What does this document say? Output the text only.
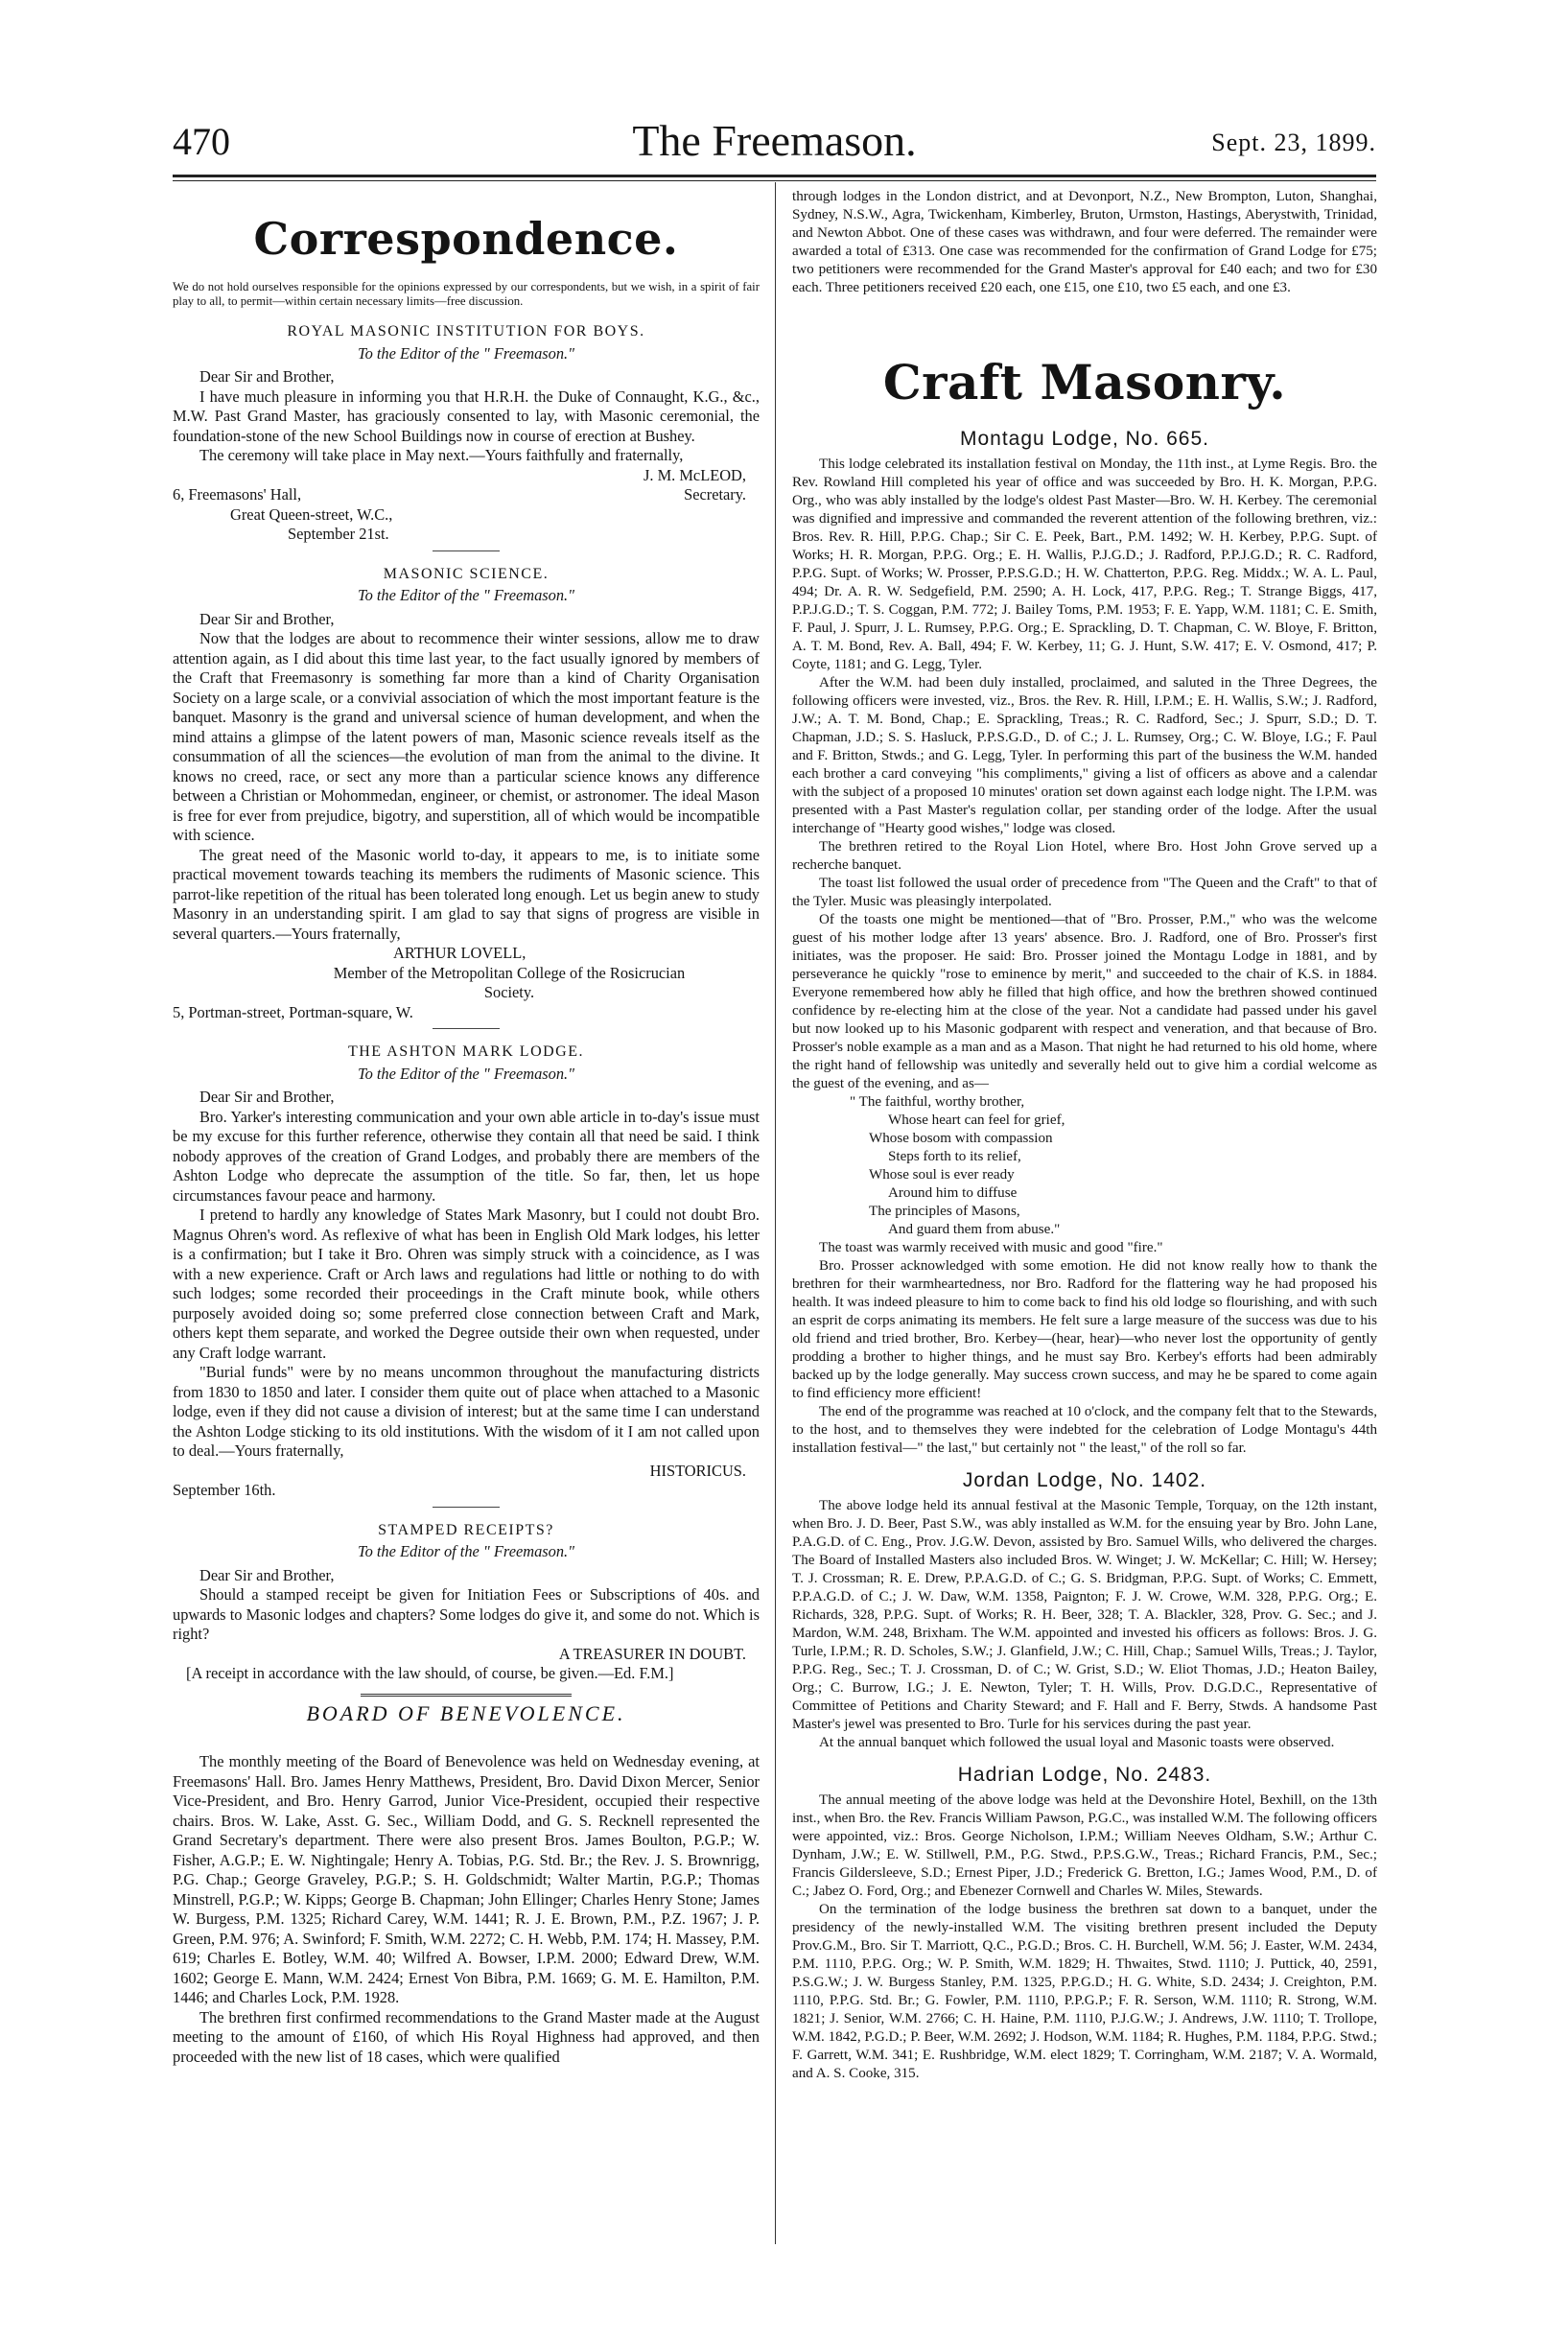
470	The Freemason.	Sept. 23, 1899.
Correspondence.

We do not hold ourselves responsible for the opinions expressed by our correspondents, but we wish, in a spirit of fair play to all, to permit—within certain necessary limits—free discussion.

ROYAL MASONIC INSTITUTION FOR BOYS.
To the Editor of the " Freemason."

Dear Sir and Brother,

I have much pleasure in informing you that H.R.H. the Duke of Connaught, K.G., &c., M.W. Past Grand Master, has graciously consented to lay, with Masonic ceremonial, the foundation-stone of the new School Buildings now in course of erection at Bushey.

The ceremony will take place in May next.—Yours faithfully and fraternally,

J. M. McLEOD,

6, Freemasons' Hall,	Secretary.

Great Queen-street, W.C.,

September 21st.

MASONIC SCIENCE.
To the Editor of the " Freemason."

Dear Sir and Brother,

Now that the lodges are about to recommence their winter sessions, allow me to draw attention again, as I did about this time last year, to the fact usually ignored by members of the Craft that Freemasonry is something far more than a kind of Charity Organisation Society on a large scale, or a convivial association of which the most important feature is the banquet. Masonry is the grand and universal science of human development, and when the mind attains a glimpse of the latent powers of man, Masonic science reveals itself as the consummation of all the sciences—the evolution of man from the animal to the divine. It knows no creed, race, or sect any more than a particular science knows any difference between a Christian or Mohommedan, engineer, or chemist, or astronomer. The ideal Mason is free for ever from prejudice, bigotry, and superstition, all of which would be incompatible with science.

The great need of the Masonic world to-day, it appears to me, is to initiate some practical movement towards teaching its members the rudiments of Masonic science. This parrot-like repetition of the ritual has been tolerated long enough. Let us begin anew to study Masonry in an understanding spirit. I am glad to say that signs of progress are visible in several quarters.—Yours fraternally,

ARTHUR LOVELL,

Member of the Metropolitan College of the Rosicrucian Society.

5, Portman-street, Portman-square, W.

THE ASHTON MARK LODGE.
To the Editor of the " Freemason."

Dear Sir and Brother,

Bro. Yarker's interesting communication and your own able article in to-day's issue must be my excuse for this further reference, otherwise they contain all that need be said. I think nobody approves of the creation of Grand Lodges, and probably there are members of the Ashton Lodge who deprecate the assumption of the title. So far, then, let us hope circumstances favour peace and harmony.

I pretend to hardly any knowledge of States Mark Masonry, but I could not doubt Bro. Magnus Ohren's word. As reflexive of what has been in English Old Mark lodges, his letter is a confirmation; but I take it Bro. Ohren was simply struck with a coincidence, as I was with a new experience. Craft or Arch laws and regulations had little or nothing to do with such lodges; some recorded their proceedings in the Craft minute book, while others purposely avoided doing so; some preferred close connection between Craft and Mark, others kept them separate, and worked the Degree outside their own when requested, under any Craft lodge warrant.

"Burial funds" were by no means uncommon throughout the manufacturing districts from 1830 to 1850 and later. I consider them quite out of place when attached to a Masonic lodge, even if they did not cause a division of interest; but at the same time I can understand the Ashton Lodge sticking to its old institutions. With the wisdom of it I am not called upon to deal.—Yours fraternally,

HISTORICUS.

September 16th.

STAMPED RECEIPTS?
To the Editor of the " Freemason."

Dear Sir and Brother,

Should a stamped receipt be given for Initiation Fees or Subscriptions of 40s. and upwards to Masonic lodges and chapters? Some lodges do give it, and some do not. Which is right?

A TREASURER IN DOUBT.

[A receipt in accordance with the law should, of course, be given.—Ed. F.M.]

BOARD OF BENEVOLENCE.

The monthly meeting of the Board of Benevolence was held on Wednesday evening, at Freemasons' Hall. Bro. James Henry Matthews, President, Bro. David Dixon Mercer, Senior Vice-President, and Bro. Henry Garrod, Junior Vice-President, occupied their respective chairs. Bros. W. Lake, Asst. G. Sec., William Dodd, and G. S. Recknell represented the Grand Secretary's department. There were also present Bros. James Boulton, P.G.P.; W. Fisher, A.G.P.; E. W. Nightingale; Henry A. Tobias, P.G. Std. Br.; the Rev. J. S. Brownrigg, P.G. Chap.; George Graveley, P.G.P.; S. H. Goldschmidt; Walter Martin, P.G.P.; Thomas Minstrell, P.G.P.; W. Kipps; George B. Chapman; John Ellinger; Charles Henry Stone; James W. Burgess, P.M. 1325; Richard Carey, W.M. 1441; R. J. E. Brown, P.M., P.Z. 1967; J. P. Green, P.M. 976; A. Swinford; F. Smith, W.M. 2272; C. H. Webb, P.M. 174; H. Massey, P.M. 619; Charles E. Botley, W.M. 40; Wilfred A. Bowser, I.P.M. 2000; Edward Drew, W.M. 1602; George E. Mann, W.M. 2424; Ernest Von Bibra, P.M. 1669; G. M. E. Hamilton, P.M. 1446; and Charles Lock, P.M. 1928.

The brethren first confirmed recommendations to the Grand Master made at the August meeting to the amount of £160, of which His Royal Highness had approved, and then proceeded with the new list of 18 cases, which were qualified

through lodges in the London district, and at Devonport, N.Z., New Brompton, Luton, Shanghai, Sydney, N.S.W., Agra, Twickenham, Kimberley, Bruton, Urmston, Hastings, Aberystwith, Trinidad, and Newton Abbot. One of these cases was withdrawn, and four were deferred. The remainder were awarded a total of £313. One case was recommended for the confirmation of Grand Lodge for £75; two petitioners were recommended for the Grand Master's approval for £40 each; and two for £30 each. Three petitioners received £20 each, one £15, one £10, two £5 each, and one £3.

Craft Masonry.
Montagu Lodge, No. 665.

This lodge celebrated its installation festival on Monday, the 11th inst., at Lyme Regis. Bro. the Rev. Rowland Hill completed his year of office and was succeeded by Bro. H. K. Morgan, P.P.G. Org., who was ably installed by the lodge's oldest Past Master—Bro. W. H. Kerbey. The ceremonial was dignified and impressive and commanded the reverent attention of the following brethren, viz.: Bros. Rev. R. Hill, P.P.G. Chap.; Sir C. E. Peek, Bart., P.M. 1492; W. H. Kerbey, P.P.G. Supt. of Works; H. R. Morgan, P.P.G. Org.; E. H. Wallis, P.J.G.D.; J. Radford, P.P.J.G.D.; R. C. Radford, P.P.G. Supt. of Works; W. Prosser, P.P.S.G.D.; H. W. Chatterton, P.P.G. Reg. Middx.; W. A. L. Paul, 494; Dr. A. R. W. Sedgefield, P.M. 2590; A. H. Lock, 417, P.P.G. Reg.; T. Strange Biggs, 417, P.P.J.G.D.; T. S. Coggan, P.M. 772; J. Bailey Toms, P.M. 1953; F. E. Yapp, W.M. 1181; C. E. Smith, F. Paul, J. Spurr, J. L. Rumsey, P.P.G. Org.; E. Sprackling, D. T. Chapman, C. W. Bloye, F. Britton, A. T. M. Bond, Rev. A. Ball, 494; F. W. Kerbey, 11; G. J. Hunt, S.W. 417; E. V. Osmond, 417; P. Coyte, 1181; and G. Legg, Tyler.

After the W.M. had been duly installed, proclaimed, and saluted in the Three Degrees, the following officers were invested, viz., Bros. the Rev. R. Hill, I.P.M.; E. H. Wallis, S.W.; J. Radford, J.W.; A. T. M. Bond, Chap.; E. Sprackling, Treas.; R. C. Radford, Sec.; J. Spurr, S.D.; D. T. Chapman, J.D.; S. S. Hasluck, P.P.S.G.D., D. of C.; J. L. Rumsey, Org.; C. W. Bloye, I.G.; F. Paul and F. Britton, Stwds.; and G. Legg, Tyler. In performing this part of the business the W.M. handed each brother a card conveying "his compliments," giving a list of officers as above and a calendar with the subject of a proposed 10 minutes' oration set down against each lodge night. The I.P.M. was presented with a Past Master's regulation collar, per standing order of the lodge. After the usual interchange of "Hearty good wishes," lodge was closed.

The brethren retired to the Royal Lion Hotel, where Bro. Host John Grove served up a recherche banquet.

The toast list followed the usual order of precedence from "The Queen and the Craft" to that of the Tyler. Music was pleasingly interpolated.

Of the toasts one might be mentioned—that of "Bro. Prosser, P.M.," who was the welcome guest of his mother lodge after 13 years' absence. Bro. J. Radford, one of Bro. Prosser's first initiates, was the proposer. He said: Bro. Prosser joined the Montagu Lodge in 1881, and by perseverance he quickly "rose to eminence by merit," and succeeded to the chair of K.S. in 1884. Everyone remembered how ably he filled that high office, and how the brethren showed continued confidence by re-electing him at the close of the year. Not a candidate had passed under his gavel but now looked up to his Masonic godparent with respect and veneration, and that because of Bro. Prosser's noble example as a man and as a Mason. That night he had returned to his old home, where the right hand of fellowship was unitedly and severally held out to give him a cordial welcome as the guest of the evening, and as—

" The faithful, worthy brother,
Whose heart can feel for grief,
Whose bosom with compassion
Steps forth to its relief,
Whose soul is ever ready
Around him to diffuse
The principles of Masons,
And guard them from abuse."

The toast was warmly received with music and good "fire."

Bro. Prosser acknowledged with some emotion. He did not know really how to thank the brethren for their warmheartedness, nor Bro. Radford for the flattering way he had proposed his health. It was indeed pleasure to him to come back to find his old lodge so flourishing, and with such an esprit de corps animating its members. He felt sure a large measure of the success was due to his old friend and tried brother, Bro. Kerbey—(hear, hear)—who never lost the opportunity of gently prodding a brother to higher things, and he must say Bro. Kerbey's efforts had been admirably backed up by the lodge generally. May success crown success, and may he be spared to come again to find efficiency more efficient!

The end of the programme was reached at 10 o'clock, and the company felt that to the Stewards, to the host, and to themselves they were indebted for the celebration of Lodge Montagu's 44th installation festival—" the last," but certainly not " the least," of the roll so far.

Jordan Lodge, No. 1402.

The above lodge held its annual festival at the Masonic Temple, Torquay, on the 12th instant, when Bro. J. D. Beer, Past S.W., was ably installed as W.M. for the ensuing year by Bro. John Lane, P.A.G.D. of C. Eng., Prov. J.G.W. Devon, assisted by Bro. Samuel Wills, who delivered the charges. The Board of Installed Masters also included Bros. W. Winget; J. W. McKellar; C. Hill; W. Hersey; T. J. Crossman; R. E. Drew, P.P.A.G.D. of C.; G. S. Bridgman, P.P.G. Supt. of Works; C. Emmett, P.P.A.G.D. of C.; J. W. Daw, W.M. 1358, Paignton; F. J. W. Crowe, W.M. 328, P.P.G. Org.; E. Richards, 328, P.P.G. Supt. of Works; R. H. Beer, 328; T. A. Blackler, 328, Prov. G. Sec.; and J. Mardon, W.M. 248, Brixham. The W.M. appointed and invested his officers as follows: Bros. J. G. Turle, I.P.M.; R. D. Scholes, S.W.; J. Glanfield, J.W.; C. Hill, Chap.; Samuel Wills, Treas.; J. Taylor, P.P.G. Reg., Sec.; T. J. Crossman, D. of C.; W. Grist, S.D.; W. Eliot Thomas, J.D.; Heaton Bailey, Org.; C. Burrow, I.G.; J. E. Newton, Tyler; T. H. Wills, Prov. D.G.D.C., Representative of Committee of Petitions and Charity Steward; and F. Hall and F. Berry, Stwds. A handsome Past Master's jewel was presented to Bro. Turle for his services during the past year.

At the annual banquet which followed the usual loyal and Masonic toasts were observed.

Hadrian Lodge, No. 2483.

The annual meeting of the above lodge was held at the Devonshire Hotel, Bexhill, on the 13th inst., when Bro. the Rev. Francis William Pawson, P.G.C., was installed W.M. The following officers were appointed, viz.: Bros. George Nicholson, I.P.M.; William Neeves Oldham, S.W.; Arthur C. Dynham, J.W.; E. W. Stillwell, P.M., P.G. Stwd., P.P.S.G.W., Treas.; Richard Francis, P.M., Sec.; Francis Gildersleeve, S.D.; Ernest Piper, J.D.; Frederick G. Bretton, I.G.; James Wood, P.M., D. of C.; Jabez O. Ford, Org.; and Ebenezer Cornwell and Charles W. Miles, Stewards.

On the termination of the lodge business the brethren sat down to a banquet, under the presidency of the newly-installed W.M. The visiting brethren present included the Deputy Prov.G.M., Bro. Sir T. Marriott, Q.C., P.G.D.; Bros. C. H. Burchell, W.M. 56; J. Easter, W.M. 2434, P.M. 1110, P.P.G. Org.; W. P. Smith, W.M. 1829; H. Thwaites, Stwd. 1110; J. Puttick, 40, 2591, P.S.G.W.; J. W. Burgess Stanley, P.M. 1325, P.P.G.D.; H. G. White, S.D. 2434; J. Creighton, P.M. 1110, P.P.G. Std. Br.; G. Fowler, P.M. 1110, P.P.G.P.; F. R. Serson, W.M. 1110; R. Strong, W.M. 1821; J. Senior, W.M. 2766; C. H. Haine, P.M. 1110, P.J.G.W.; J. Andrews, J.W. 1110; T. Trollope, W.M. 1842, P.G.D.; P. Beer, W.M. 2692; J. Hodson, W.M. 1184; R. Hughes, P.M. 1184, P.P.G. Stwd.; F. Garrett, W.M. 341; E. Rushbridge, W.M. elect 1829; T. Corringham, W.M. 2187; V. A. Wormald, and A. S. Cooke, 315.
